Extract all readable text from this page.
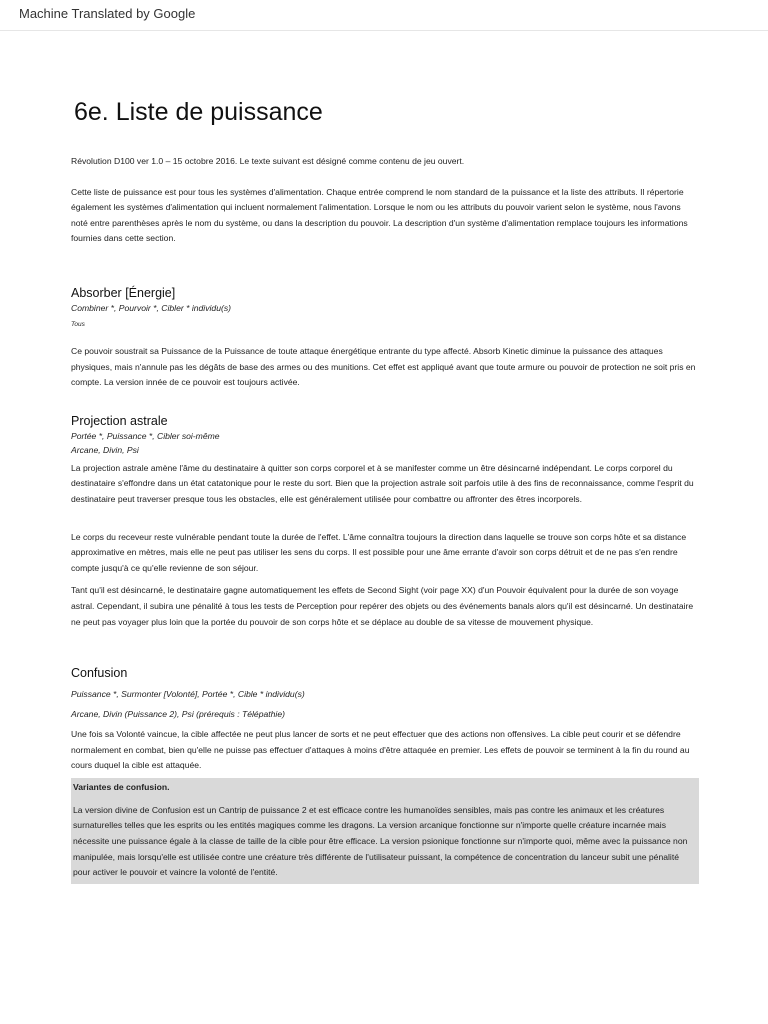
Machine Translated by Google
6e. Liste de puissance

Révolution D100 ver 1.0 – 15 octobre 2016. Le texte suivant est désigné comme contenu de jeu ouvert.

Cette liste de puissance est pour tous les systèmes d'alimentation. Chaque entrée comprend le nom standard de la puissance et la liste des attributs. Il répertorie également les systèmes d'alimentation qui incluent normalement l'alimentation. Lorsque le nom ou les attributs du pouvoir varient selon le système, nous l'avons noté entre parenthèses après le nom du système, ou dans la description du pouvoir. La description d'un système d'alimentation remplace toujours les informations fournies dans cette section.

Absorber [Énergie]

Combiner *, Pourvoir *, Cibler * individu(s)

Tous

Ce pouvoir soustrait sa Puissance de la Puissance de toute attaque énergétique entrante du type affecté. Absorb Kinetic diminue la puissance des attaques physiques, mais n'annule pas les dégâts de base des armes ou des munitions. Cet effet est appliqué avant que toute armure ou pouvoir de protection ne soit pris en compte. La version innée de ce pouvoir est toujours activée.

Projection astrale

Portée *, Puissance *, Cibler soi-même

Arcane, Divin, Psi

La projection astrale amène l'âme du destinataire à quitter son corps corporel et à se manifester comme un être désincarné indépendant. Le corps corporel du destinataire s'effondre dans un état catatonique pour le reste du sort. Bien que la projection astrale soit parfois utile à des fins de reconnaissance, comme l'esprit du destinataire peut traverser presque tous les obstacles, elle est généralement utilisée pour combattre ou affronter des êtres incorporels.

Le corps du receveur reste vulnérable pendant toute la durée de l'effet. L'âme connaîtra toujours la direction dans laquelle se trouve son corps hôte et sa distance approximative en mètres, mais elle ne peut pas utiliser les sens du corps. Il est possible pour une âme errante d'avoir son corps détruit et de ne pas s'en rendre compte jusqu'à ce qu'elle revienne de son séjour.

Tant qu'il est désincarné, le destinataire gagne automatiquement les effets de Second Sight (voir page XX) d'un Pouvoir équivalent pour la durée de son voyage astral. Cependant, il subira une pénalité à tous les tests de Perception pour repérer des objets ou des événements banals alors qu'il est désincarné. Un destinataire ne peut pas voyager plus loin que la portée du pouvoir de son corps hôte et se déplace au double de sa vitesse de mouvement physique.

Confusion

Puissance *, Surmonter [Volonté], Portée *, Cible * individu(s)

Arcane, Divin (Puissance 2), Psi (prérequis : Télépathie)

Une fois sa Volonté vaincue, la cible affectée ne peut plus lancer de sorts et ne peut effectuer que des actions non offensives. La cible peut courir et se défendre normalement en combat, bien qu'elle ne puisse pas effectuer d'attaques à moins d'être attaquée en premier. Les effets de pouvoir se terminent à la fin du round au cours duquel la cible est attaquée.

Variantes de confusion.

La version divine de Confusion est un Cantrip de puissance 2 et est efficace contre les humanoïdes sensibles, mais pas contre les animaux et les créatures surnaturelles telles que les esprits ou les entités magiques comme les dragons. La version arcanique fonctionne sur n'importe quelle créature incarnée mais nécessite une puissance égale à la classe de taille de la cible pour être efficace. La version psionique fonctionne sur n'importe quoi, même avec la puissance non manipulée, mais lorsqu'elle est utilisée contre une créature très différente de l'utilisateur puissant, la compétence de concentration du lanceur subit une pénalité pour activer le pouvoir et vaincre la volonté de l'entité.
